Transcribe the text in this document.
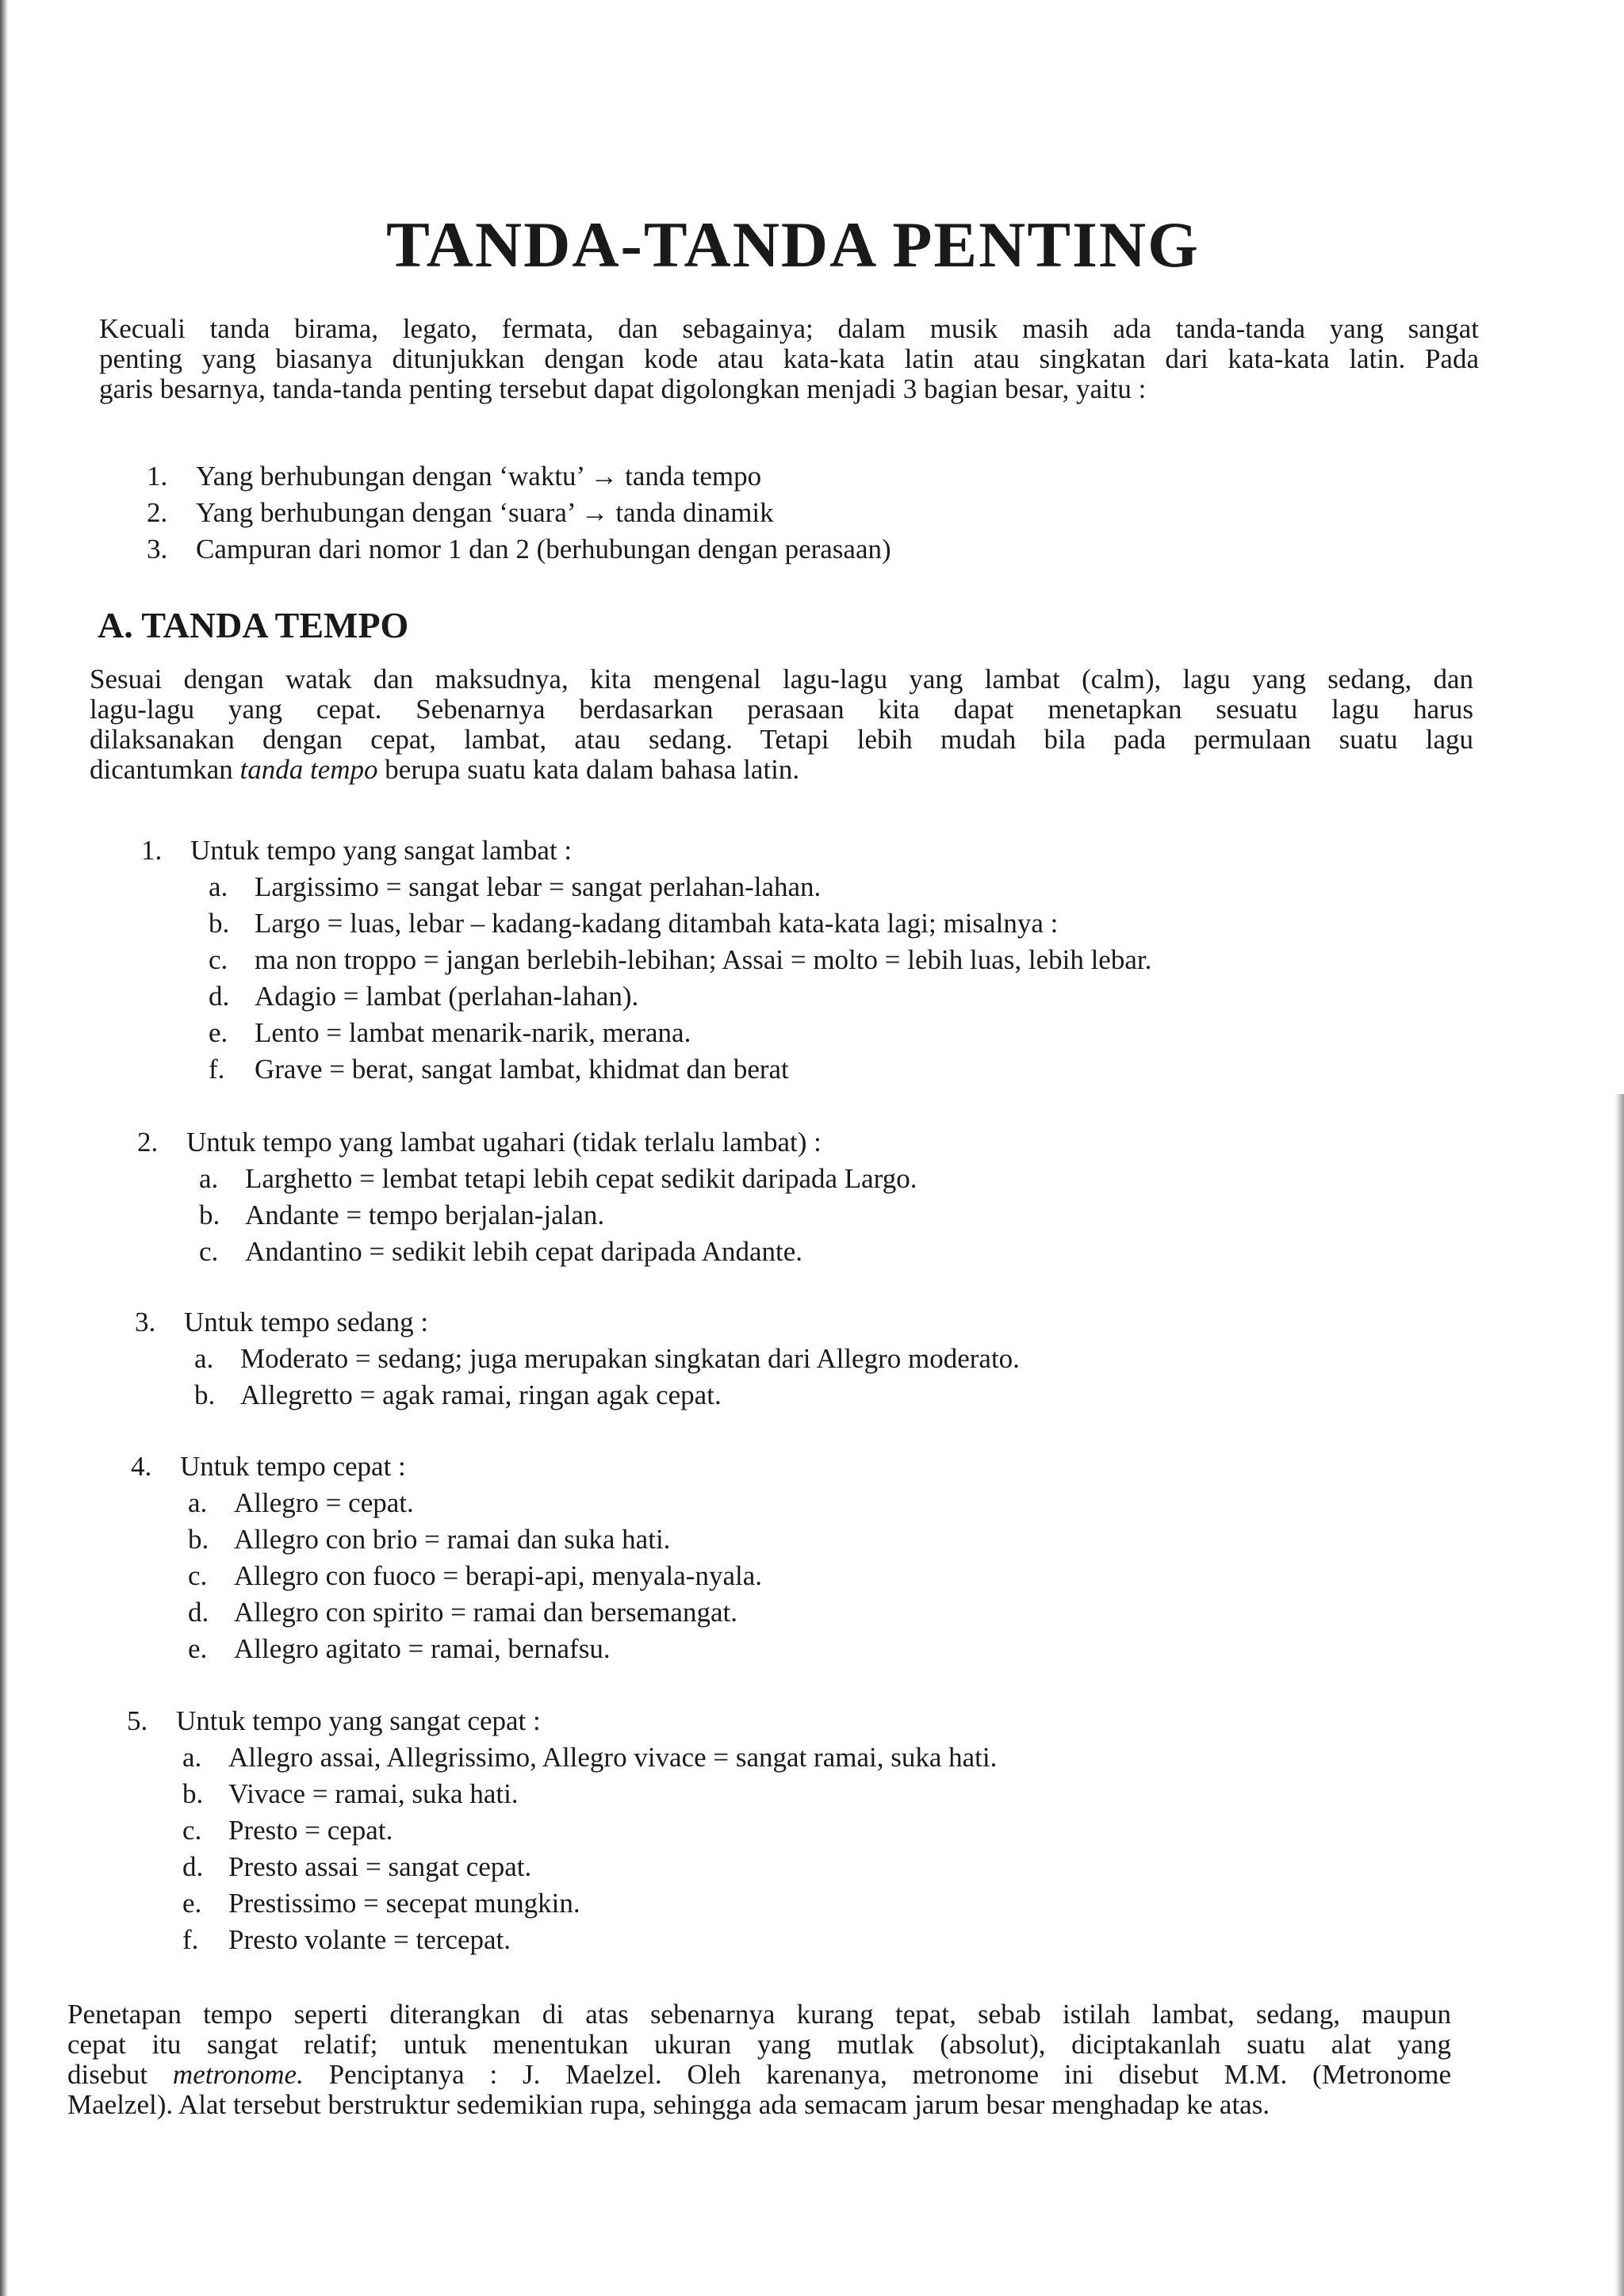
TANDA-TANDA PENTING
Kecuali tanda birama, legato, fermata, dan sebagainya; dalam musik masih ada tanda-tanda yang sangat
penting yang biasanya ditunjukkan dengan kode atau kata-kata latin atau singkatan dari kata-kata latin. Pada
garis besarnya, tanda-tanda penting tersebut dapat digolongkan menjadi 3 bagian besar, yaitu :
1. Yang berhubungan dengan ‘waktu’ → tanda tempo
2. Yang berhubungan dengan ‘suara’ → tanda dinamik
3. Campuran dari nomor 1 dan 2 (berhubungan dengan perasaan)
A. TANDA TEMPO
Sesuai dengan watak dan maksudnya, kita mengenal lagu-lagu yang lambat (calm), lagu yang sedang, dan
lagu-lagu yang cepat. Sebenarnya berdasarkan perasaan kita dapat menetapkan sesuatu lagu harus
dilaksanakan dengan cepat, lambat, atau sedang. Tetapi lebih mudah bila pada permulaan suatu lagu
dicantumkan tanda tempo berupa suatu kata dalam bahasa latin.
1. Untuk tempo yang sangat lambat :
a. Largissimo = sangat lebar = sangat perlahan-lahan.
b. Largo = luas, lebar – kadang-kadang ditambah kata-kata lagi; misalnya :
c. ma non troppo = jangan berlebih-lebihan; Assai = molto = lebih luas, lebih lebar.
d. Adagio = lambat (perlahan-lahan).
e. Lento = lambat menarik-narik, merana.
f. Grave = berat, sangat lambat, khidmat dan berat
2. Untuk tempo yang lambat ugahari (tidak terlalu lambat) :
a. Larghetto = lembat tetapi lebih cepat sedikit daripada Largo.
b. Andante = tempo berjalan-jalan.
c. Andantino = sedikit lebih cepat daripada Andante.
3. Untuk tempo sedang :
a. Moderato = sedang; juga merupakan singkatan dari Allegro moderato.
b. Allegretto = agak ramai, ringan agak cepat.
4. Untuk tempo cepat :
a. Allegro = cepat.
b. Allegro con brio = ramai dan suka hati.
c. Allegro con fuoco = berapi-api, menyala-nyala.
d. Allegro con spirito = ramai dan bersemangat.
e. Allegro agitato = ramai, bernafsu.
5. Untuk tempo yang sangat cepat :
a. Allegro assai, Allegrissimo, Allegro vivace = sangat ramai, suka hati.
b. Vivace = ramai, suka hati.
c. Presto = cepat.
d. Presto assai = sangat cepat.
e. Prestissimo = secepat mungkin.
f. Presto volante = tercepat.
Penetapan tempo seperti diterangkan di atas sebenarnya kurang tepat, sebab istilah lambat, sedang, maupun
cepat itu sangat relatif; untuk menentukan ukuran yang mutlak (absolut), diciptakanlah suatu alat yang
disebut metronome. Penciptanya : J. Maelzel. Oleh karenanya, metronome ini disebut M.M. (Metronome
Maelzel). Alat tersebut berstruktur sedemikian rupa, sehingga ada semacam jarum besar menghadap ke atas.
